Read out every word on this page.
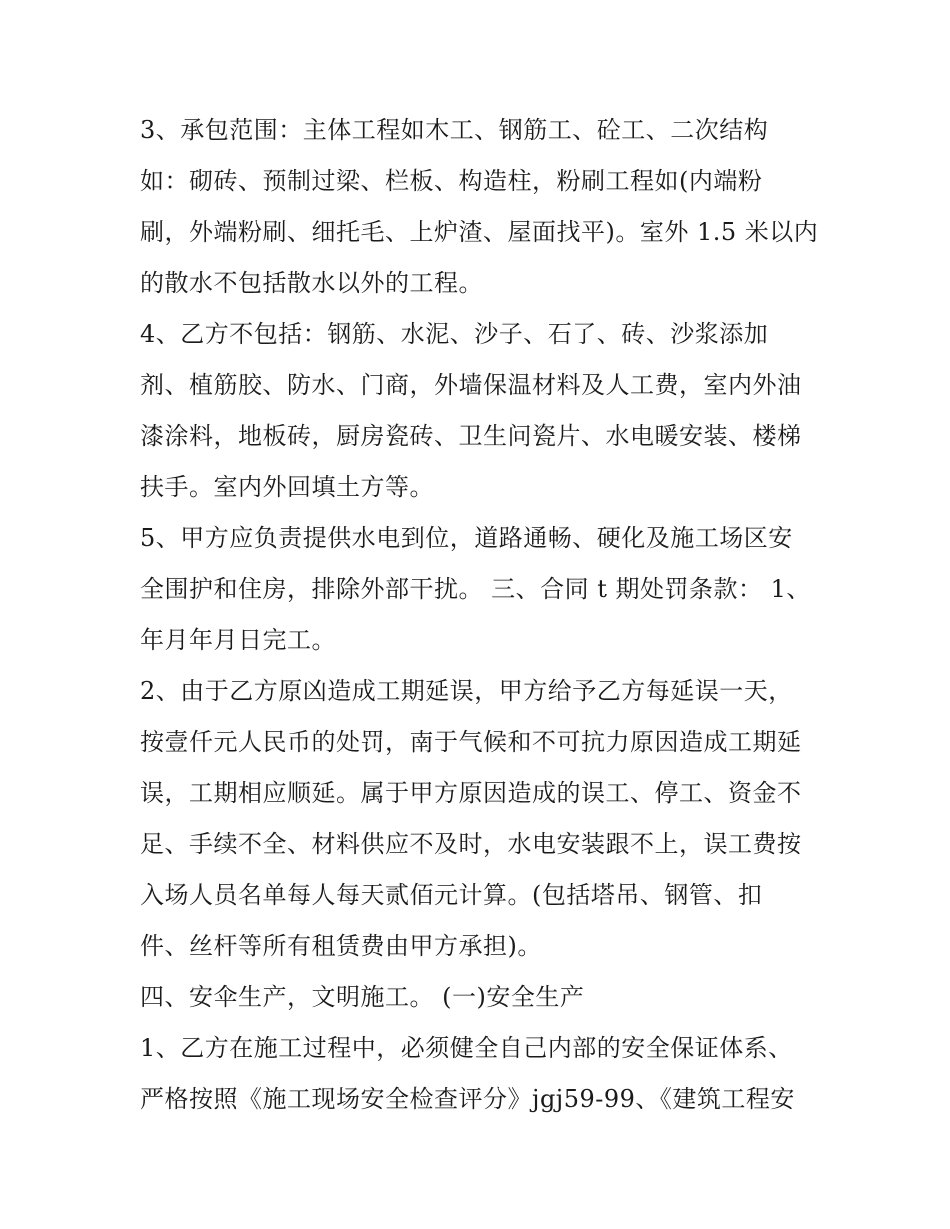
3、承包范围：主体工程如木工、钢筋工、砼工、二次结构
如：砌砖、预制过梁、栏板、构造柱，粉刷工程如(内端粉
刷，外端粉刷、细托毛、上炉渣、屋面找平)。室外 1.5 米以内
的散水不包括散水以外的工程。
4、乙方不包括：钢筋、水泥、沙子、石了、砖、沙浆添加
剂、植筋胶、防水、门商，外墙保温材料及人工费，室内外油
漆涂料，地板砖，厨房瓷砖、卫生问瓷片、水电暖安装、楼梯
扶手。室内外回填土方等。
5、甲方应负责提供水电到位，道路通畅、硬化及施工场区安
全围护和住房，排除外部干扰。 三、合同 t 期处罚条款： 1、
年月年月日完工。
2、由于乙方原凶造成工期延误，甲方给予乙方每延误一天，
按壹仟元人民币的处罚，南于气候和不可抗力原因造成工期延
误，工期相应顺延。属于甲方原因造成的误工、停工、资金不
足、手续不全、材料供应不及时，水电安装跟不上，误工费按
入场人员名单每人每天贰佰元计算。(包括塔吊、钢管、扣
件、丝杆等所有租赁费由甲方承担)。
四、安伞生产，文明施工。 (一)安全生产
1、乙方在施工过程中，必须健全自己内部的安全保证体系、
严格按照《施工现场安全检查评分》jgj59-99、《建筑工程安
